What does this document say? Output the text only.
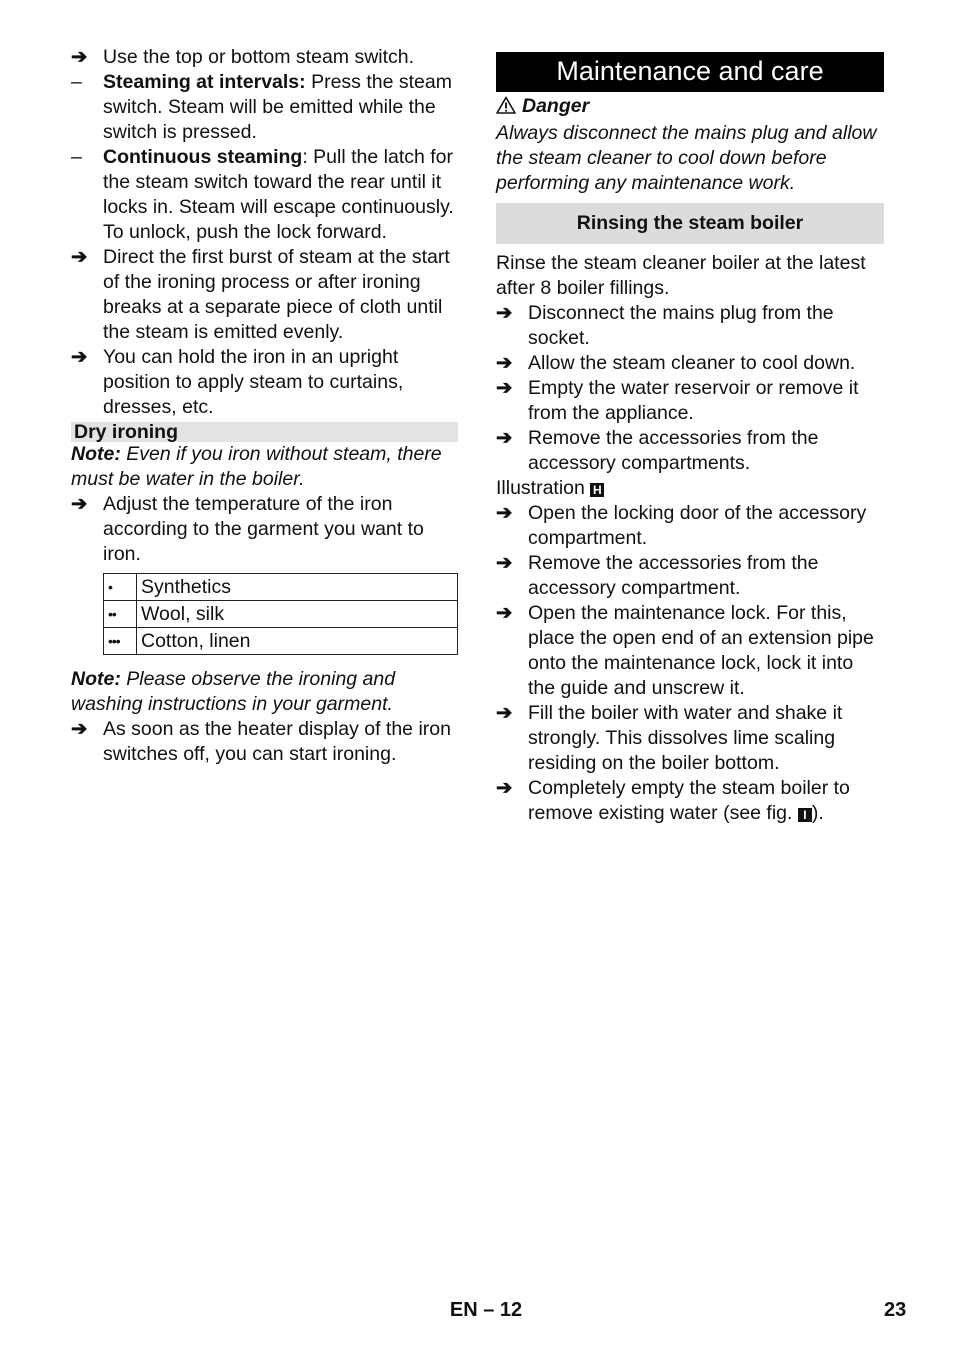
➔ Use the top or bottom steam switch.
–	Steaming at intervals: Press the steam switch. Steam will be emitted while the switch is pressed.
–	Continuous steaming: Pull the latch for the steam switch toward the rear until it locks in. Steam will escape continuously. To unlock, push the lock forward.
➔ Direct the first burst of steam at the start of the ironing process or after ironing breaks at a separate piece of cloth until the steam is emitted evenly.
➔ You can hold the iron in an upright position to apply steam to curtains, dresses, etc.
Dry ironing
Note: Even if you iron without steam, there must be water in the boiler.
➔ Adjust the temperature of the iron according to the garment you want to iron.
•	Synthetics
••	Wool, silk
•••	Cotton, linen
Note: Please observe the ironing and washing instructions in your garment.
➔ As soon as the heater display of the iron switches off, you can start ironing.
Maintenance and care
Danger
Always disconnect the mains plug and allow the steam cleaner to cool down before performing any maintenance work.
Rinsing the steam boiler
Rinse the steam cleaner boiler at the latest after 8 boiler fillings.
➔ Disconnect the mains plug from the socket.
➔ Allow the steam cleaner to cool down.
➔ Empty the water reservoir or remove it from the appliance.
➔ Remove the accessories from the accessory compartments.
Illustration H
➔ Open the locking door of the accessory compartment.
➔ Remove the accessories from the accessory compartment.
➔ Open the maintenance lock. For this, place the open end of an extension pipe onto the maintenance lock, lock it into the guide and unscrew it.
➔ Fill the boiler with water and shake it strongly. This dissolves lime scaling residing on the boiler bottom.
➔ Completely empty the steam boiler to remove existing water (see fig. I ).
EN – 12	23
